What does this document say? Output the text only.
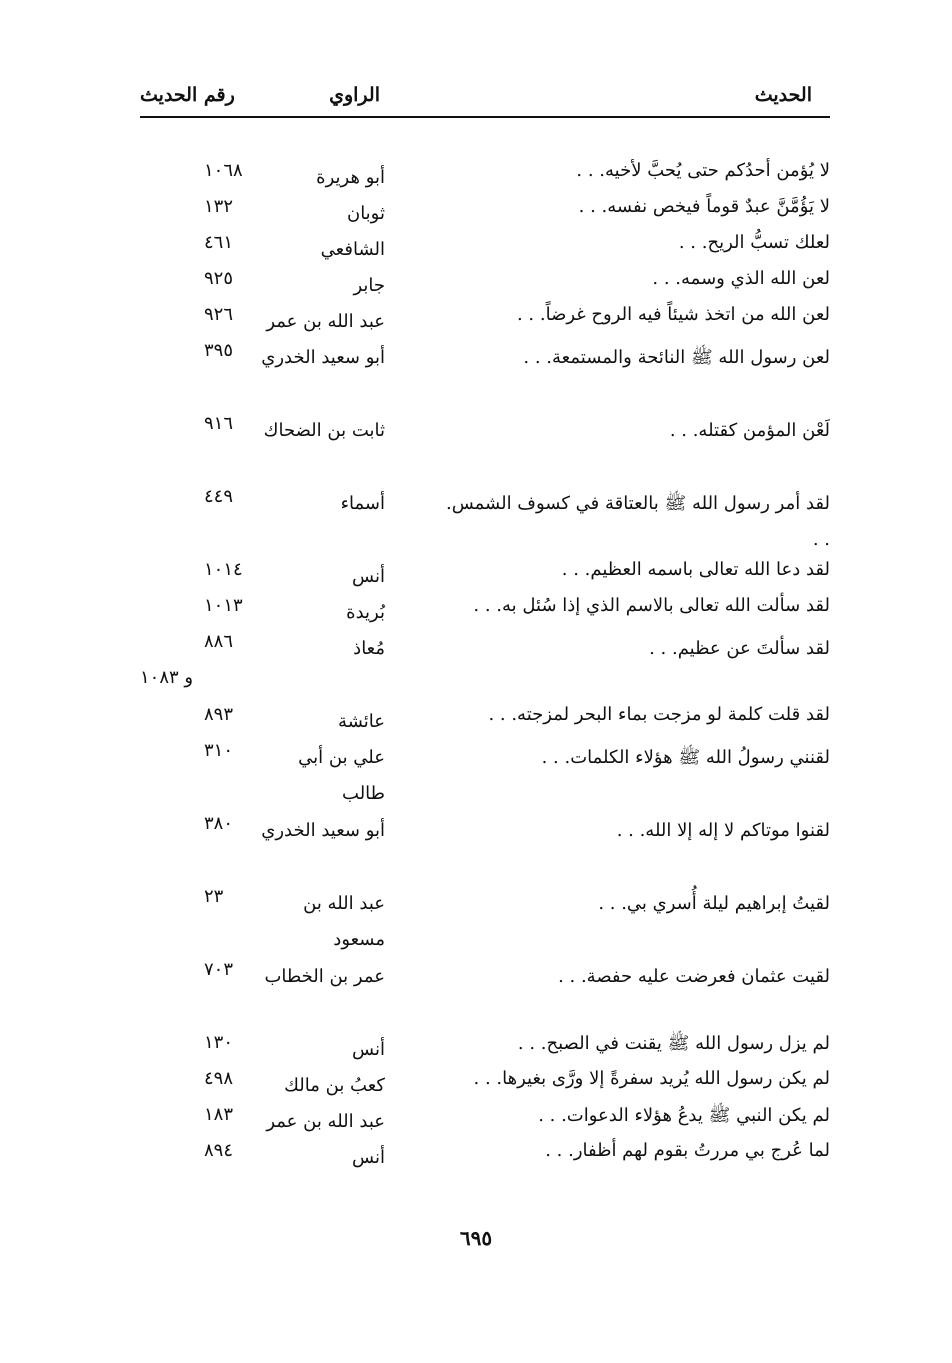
الحديث
الراوي
رقم الحديث
لا يُؤمن أحدُكم حتى يُحبَّ لأخيه. . .
أبو هريرة
١٠٦٨
لا يَؤُمَّنَّ عبدٌ قوماً فيخص نفسه. . .
ثوبان
١٣٢
لعلك تسبُّ الريح. . .
الشافعي
٤٦١
لعن الله الذي وسمه. . .
جابر
٩٢٥
لعن الله من اتخذ شيئاً فيه الروح غرضاً. . .
عبد الله بن عمر
٩٢٦
لعن رسول الله ﷺ النائحة والمستمعة. . .
أبو سعيد الخدري
٣٩٥
لَعْن المؤمن كقتله. . .
ثابت بن الضحاك
٩١٦
لقد أمر رسول الله ﷺ بالعتاقة في كسوف الشمس. . .
أسماء
٤٤٩
لقد دعا الله تعالى باسمه العظيم. . .
أنس
١٠١٤
لقد سألت الله تعالى بالاسم الذي إذا سُئل به. . .
بُريدة
١٠١٣
لقد سألتَ عن عظيم. . .
مُعاذ
٨٨٦
و ١٠٨٣
لقد قلت كلمة لو مزجت بماء البحر لمزجته. . .
عائشة
٨٩٣
لقنني رسولُ الله ﷺ هؤلاء الكلمات. . .
علي بن أبي طالب
٣١٠
لقنوا موتاكم لا إله إلا الله. . .
أبو سعيد الخدري
٣٨٠
لقيتُ إبراهيم ليلة أُسري بي. . .
عبد الله بن مسعود
٢٣
لقيت عثمان فعرضت عليه حفصة. . .
عمر بن الخطاب
٧٠٣
لم يزل رسول الله ﷺ يقنت في الصبح. . .
أنس
١٣٠
لم يكن رسول الله يُريد سفرةً إلا ورَّى بغيرها. . .
كعبُ بن مالك
٤٩٨
لم يكن النبي ﷺ يدعُ هؤلاء الدعوات. . .
عبد الله بن عمر
١٨٣
لما عُرج بي مررتُ بقوم لهم أظفار. . .
أنس
٨٩٤
٦٩٥
